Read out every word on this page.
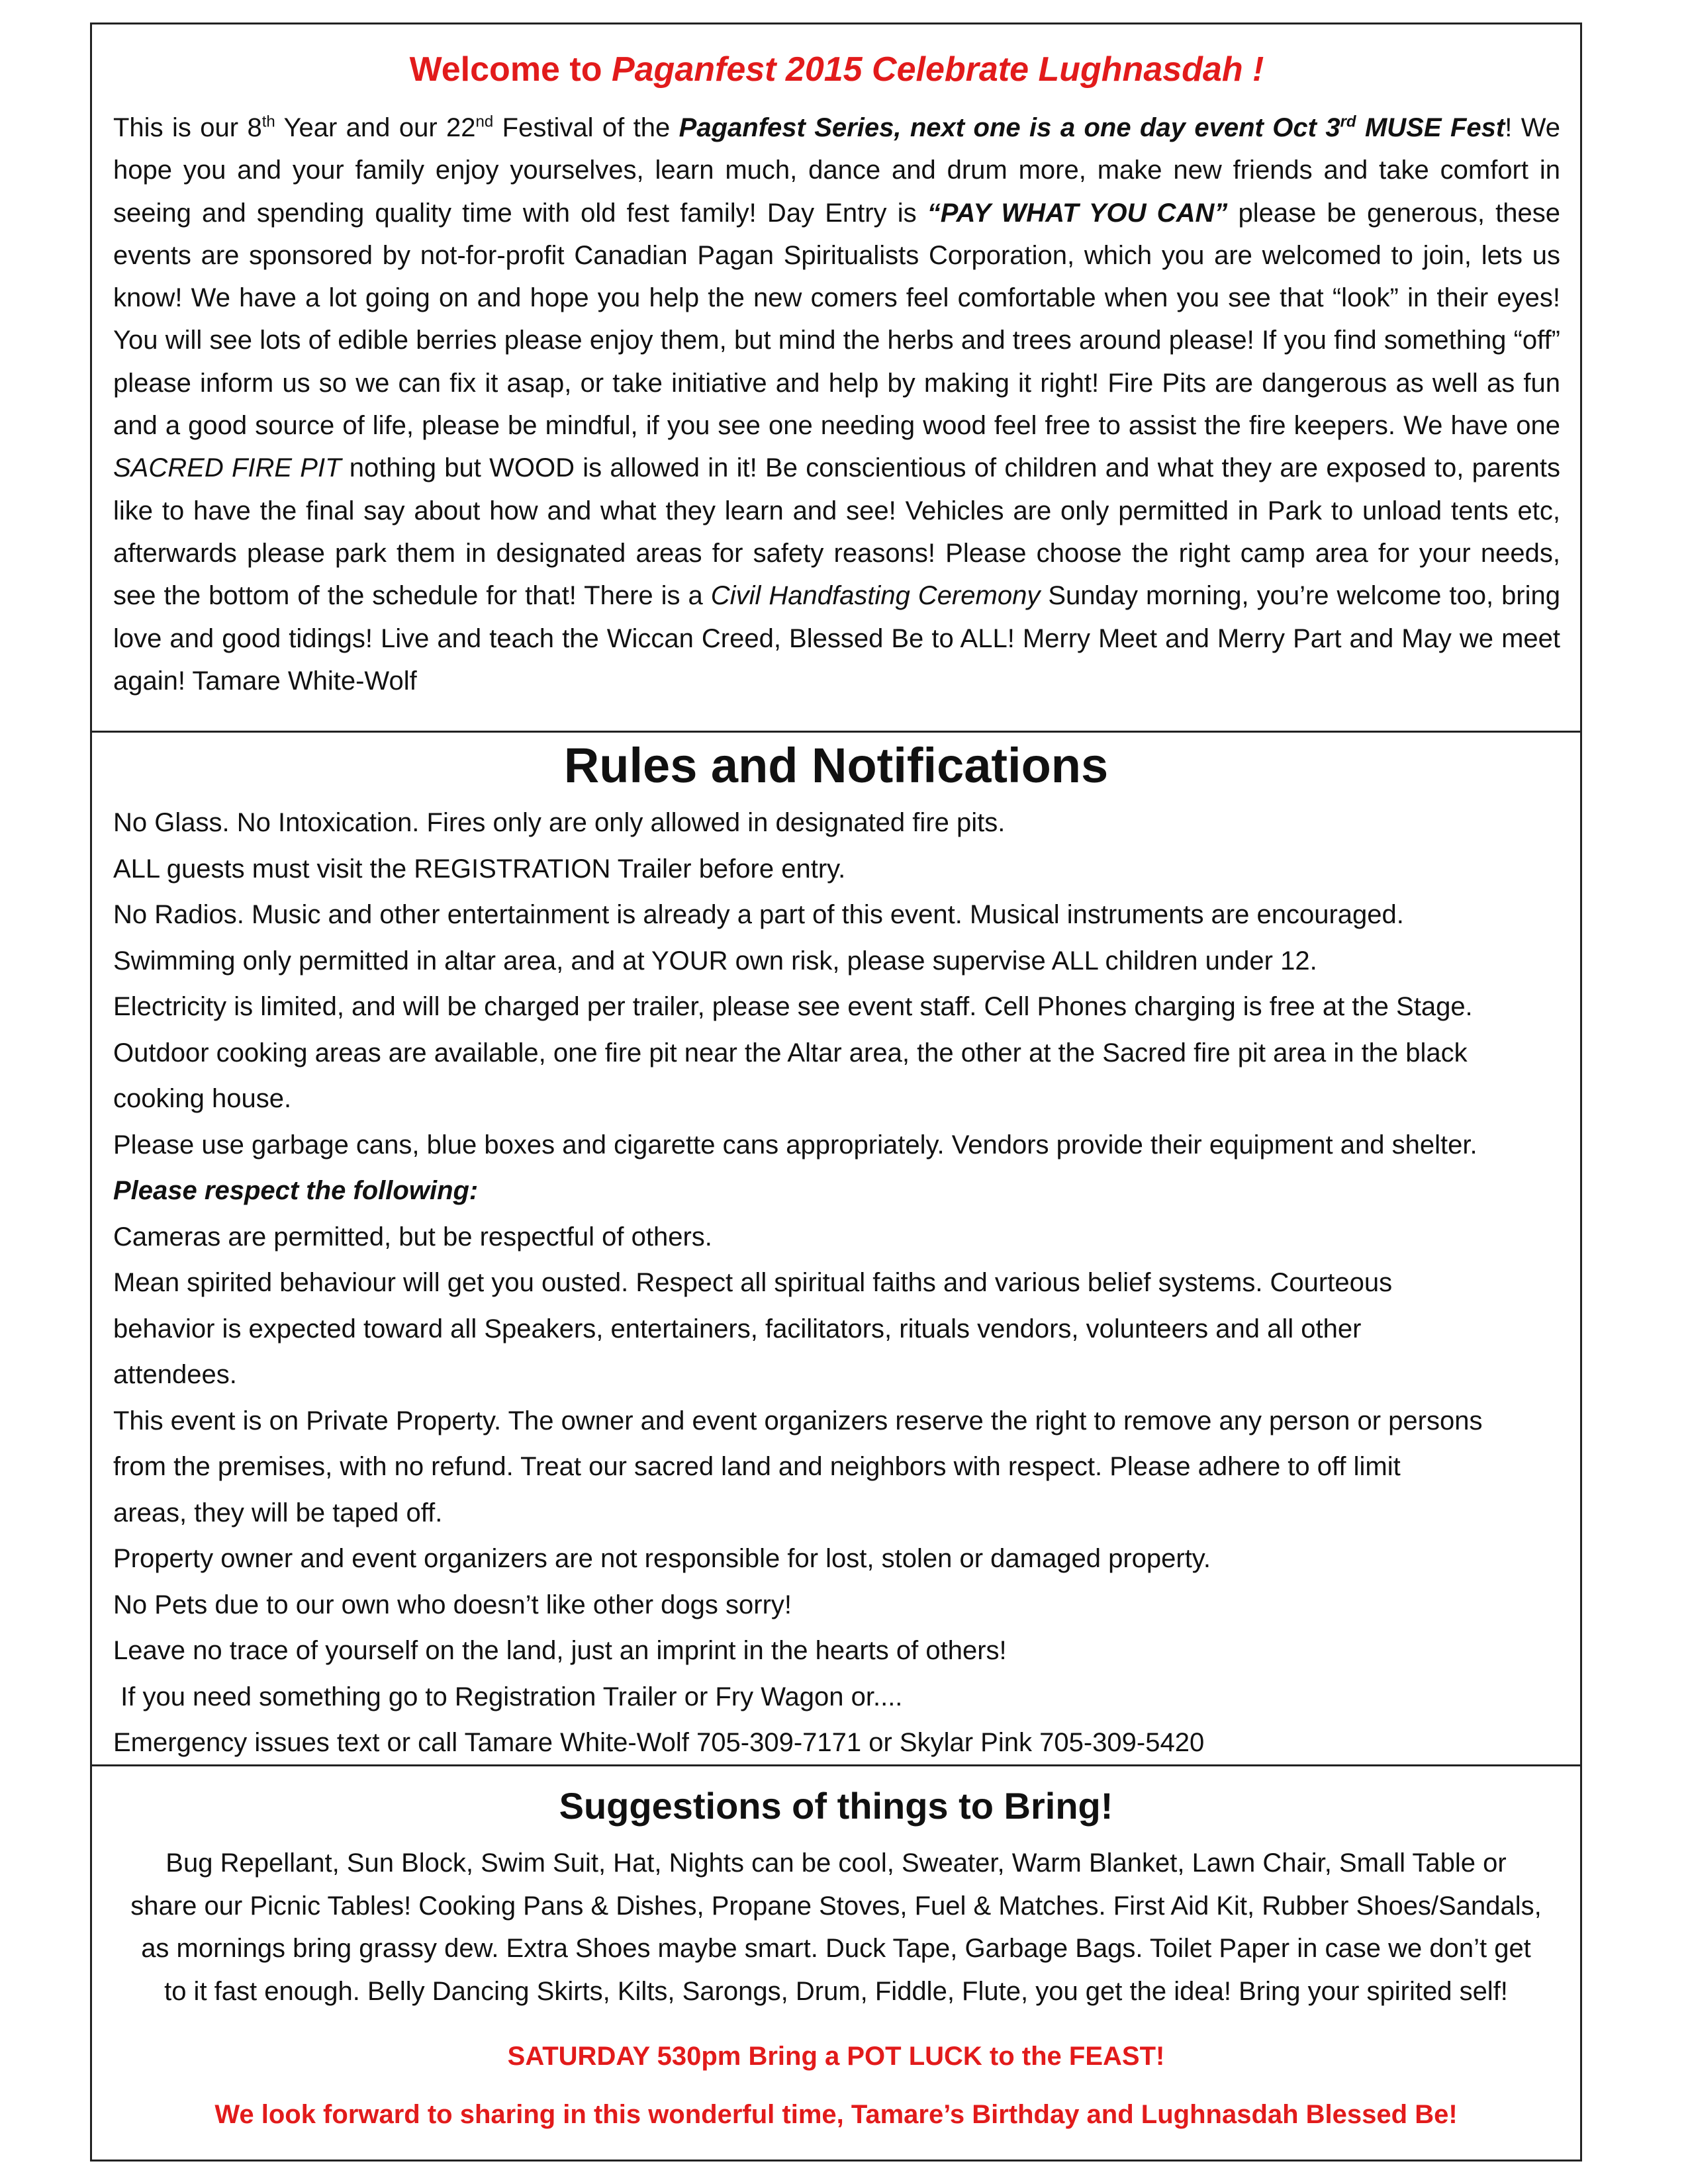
Welcome to Paganfest 2015 Celebrate Lughnasdah !

This is our 8th Year and our 22nd Festival of the Paganfest Series, next one is a one day event Oct 3rd MUSE Fest! We hope you and your family enjoy yourselves, learn much, dance and drum more, make new friends and take comfort in seeing and spending quality time with old fest family! Day Entry is “PAY WHAT YOU CAN” please be generous, these events are sponsored by not-for-profit Canadian Pagan Spiritualists Corporation, which you are welcomed to join, lets us know! We have a lot going on and hope you help the new comers feel comfortable when you see that “look” in their eyes! You will see lots of edible berries please enjoy them, but mind the herbs and trees around please! If you find something “off” please inform us so we can fix it asap, or take initiative and help by making it right! Fire Pits are dangerous as well as fun and a good source of life, please be mindful, if you see one needing wood feel free to assist the fire keepers. We have one SACRED FIRE PIT nothing but WOOD is allowed in it! Be conscientious of children and what they are exposed to, parents like to have the final say about how and what they learn and see! Vehicles are only permitted in Park to unload tents etc, afterwards please park them in designated areas for safety reasons! Please choose the right camp area for your needs, see the bottom of the schedule for that! There is a Civil Handfasting Ceremony Sunday morning, you’re welcome too, bring love and good tidings! Live and teach the Wiccan Creed, Blessed Be to ALL! Merry Meet and Merry Part and May we meet again! Tamare White-Wolf

Rules and Notifications

No Glass. No Intoxication. Fires only are only allowed in designated fire pits.

ALL guests must visit the REGISTRATION Trailer before entry.

No Radios. Music and other entertainment is already a part of this event. Musical instruments are encouraged.

Swimming only permitted in altar area, and at YOUR own risk, please supervise ALL children under 12.

Electricity is limited, and will be charged per trailer, please see event staff. Cell Phones charging is free at the Stage.

Outdoor cooking areas are available, one fire pit near the Altar area, the other at the Sacred fire pit area in the black

cooking house.

Please use garbage cans, blue boxes and cigarette cans appropriately. Vendors provide their equipment and shelter.

Please respect the following:

Cameras are permitted, but be respectful of others.

Mean spirited behaviour will get you ousted. Respect all spiritual faiths and various belief systems. Courteous

behavior is expected toward all Speakers, entertainers, facilitators, rituals vendors, volunteers and all other

attendees.

This event is on Private Property. The owner and event organizers reserve the right to remove any person or persons

from the premises, with no refund. Treat our sacred land and neighbors with respect. Please adhere to off limit

areas, they will be taped off.

Property owner and event organizers are not responsible for lost, stolen or damaged property.

No Pets due to our own who doesn’t like other dogs sorry!

Leave no trace of yourself on the land, just an imprint in the hearts of others!

If you need something go to Registration Trailer or Fry Wagon or....

Emergency issues text or call Tamare White-Wolf 705-309-7171 or Skylar Pink 705-309-5420

Suggestions of things to Bring!

Bug Repellant, Sun Block, Swim Suit, Hat, Nights can be cool, Sweater, Warm Blanket, Lawn Chair, Small Table or

share our Picnic Tables! Cooking Pans & Dishes, Propane Stoves, Fuel & Matches. First Aid Kit, Rubber Shoes/Sandals,

as mornings bring grassy dew. Extra Shoes maybe smart. Duck Tape, Garbage Bags. Toilet Paper in case we don’t get

to it fast enough. Belly Dancing Skirts, Kilts, Sarongs, Drum, Fiddle, Flute, you get the idea! Bring your spirited self!

SATURDAY 530pm Bring a POT LUCK to the FEAST!

We look forward to sharing in this wonderful time, Tamare’s Birthday and Lughnasdah Blessed Be!
